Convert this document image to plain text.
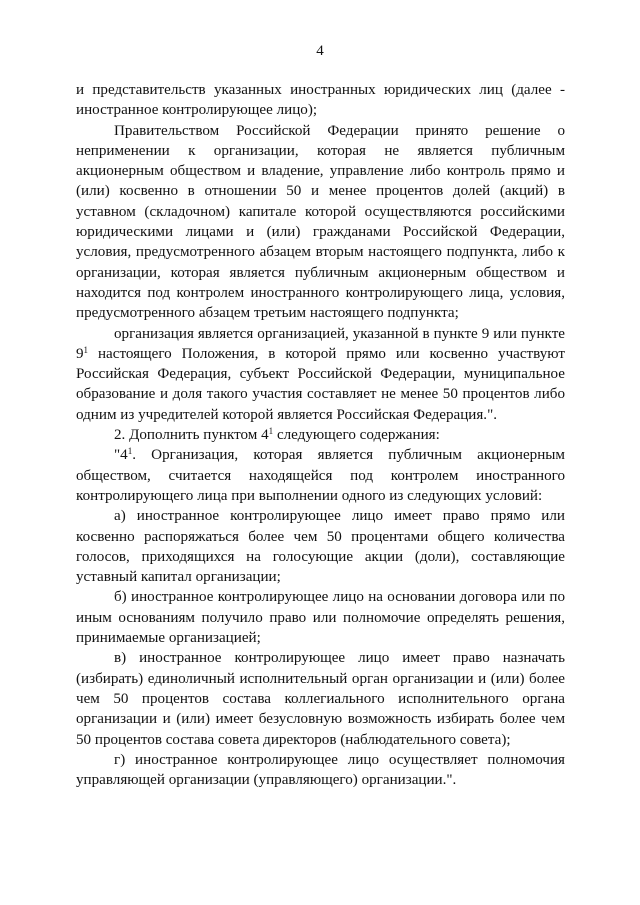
4

и представительств указанных иностранных юридических лиц (далее - иностранное контролирующее лицо);

Правительством Российской Федерации принято решение о неприменении к организации, которая не является публичным акционерным обществом и владение, управление либо контроль прямо и (или) косвенно в отношении 50 и менее процентов долей (акций) в уставном (складочном) капитале которой осуществляются российскими юридическими лицами и (или) гражданами Российской Федерации, условия, предусмотренного абзацем вторым настоящего подпункта, либо к организации, которая является публичным акционерным обществом и находится под контролем иностранного контролирующего лица, условия, предусмотренного абзацем третьим настоящего подпункта;

организация является организацией, указанной в пункте 9 или пункте $9^1$ настоящего Положения, в которой прямо или косвенно участвуют Российская Федерация, субъект Российской Федерации, муниципальное образование и доля такого участия составляет не менее 50 процентов либо одним из учредителей которой является Российская Федерация.".

2. Дополнить пунктом $4^1$ следующего содержания:

"$4^1$. Организация, которая является публичным акционерным обществом, считается находящейся под контролем иностранного контролирующего лица при выполнении одного из следующих условий:

а) иностранное контролирующее лицо имеет право прямо или косвенно распоряжаться более чем 50 процентами общего количества голосов, приходящихся на голосующие акции (доли), составляющие уставный капитал организации;

б) иностранное контролирующее лицо на основании договора или по иным основаниям получило право или полномочие определять решения, принимаемые организацией;

в) иностранное контролирующее лицо имеет право назначать (избирать) единоличный исполнительный орган организации и (или) более чем 50 процентов состава коллегиального исполнительного органа организации и (или) имеет безусловную возможность избирать более чем 50 процентов состава совета директоров (наблюдательного совета);

г) иностранное контролирующее лицо осуществляет полномочия управляющей организации (управляющего) организации.".
